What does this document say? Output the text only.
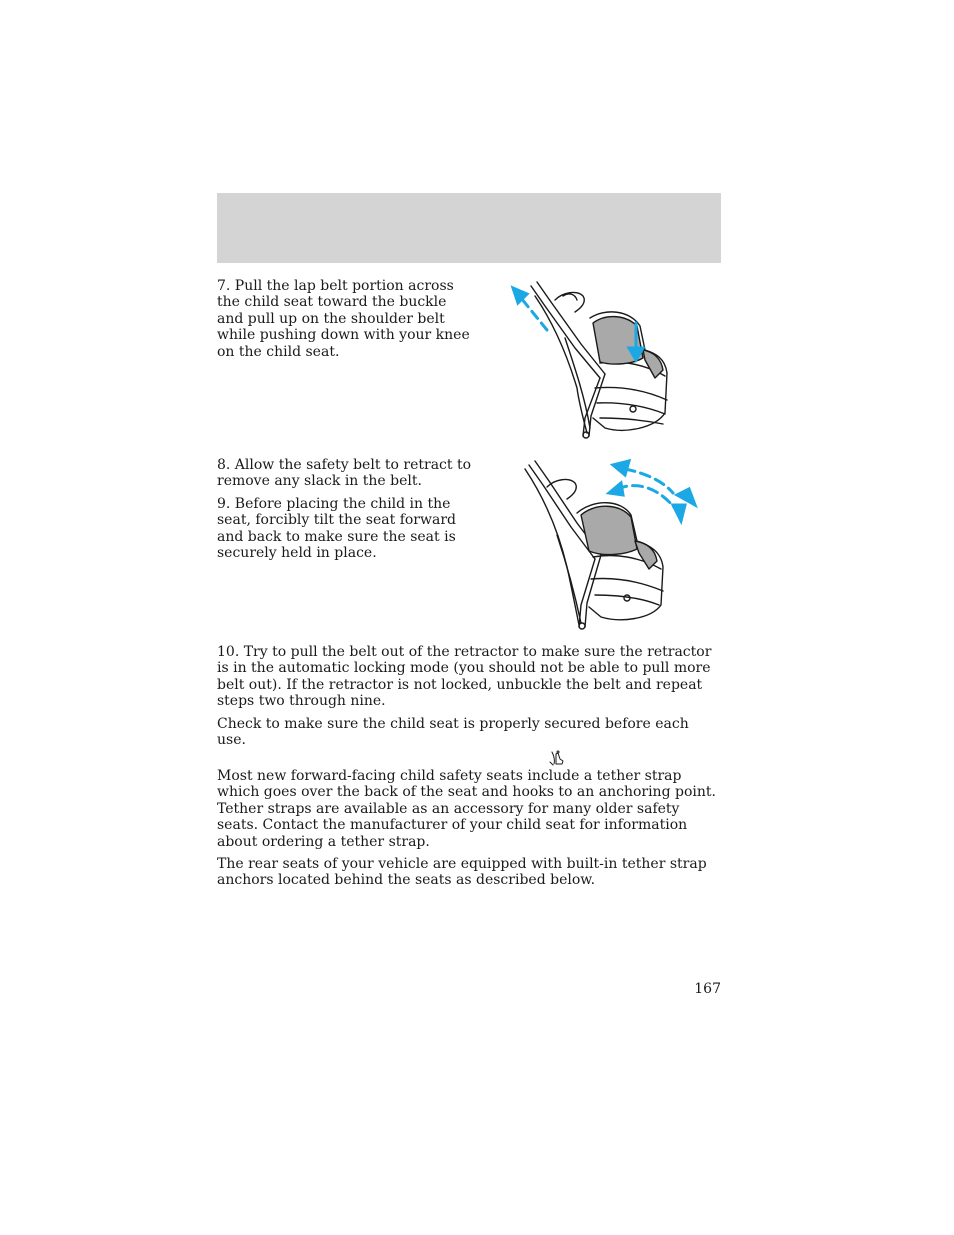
7. Pull the lap belt portion across the child seat toward the buckle and pull up on the shoulder belt while pushing down with your knee on the child seat.

8. Allow the safety belt to retract to remove any slack in the belt.

9. Before placing the child in the seat, forcibly tilt the seat forward and back to make sure the seat is securely held in place.

10. Try to pull the belt out of the retractor to make sure the retractor is in the automatic locking mode (you should not be able to pull more belt out). If the retractor is not locked, unbuckle the belt and repeat steps two through nine.

Check to make sure the child seat is properly secured before each use.

Most new forward-facing child safety seats include a tether strap which goes over the back of the seat and hooks to an anchoring point. Tether straps are available as an accessory for many older safety seats. Contact the manufacturer of your child seat for information about ordering a tether strap.

The rear seats of your vehicle are equipped with built-in tether strap anchors located behind the seats as described below.

167
